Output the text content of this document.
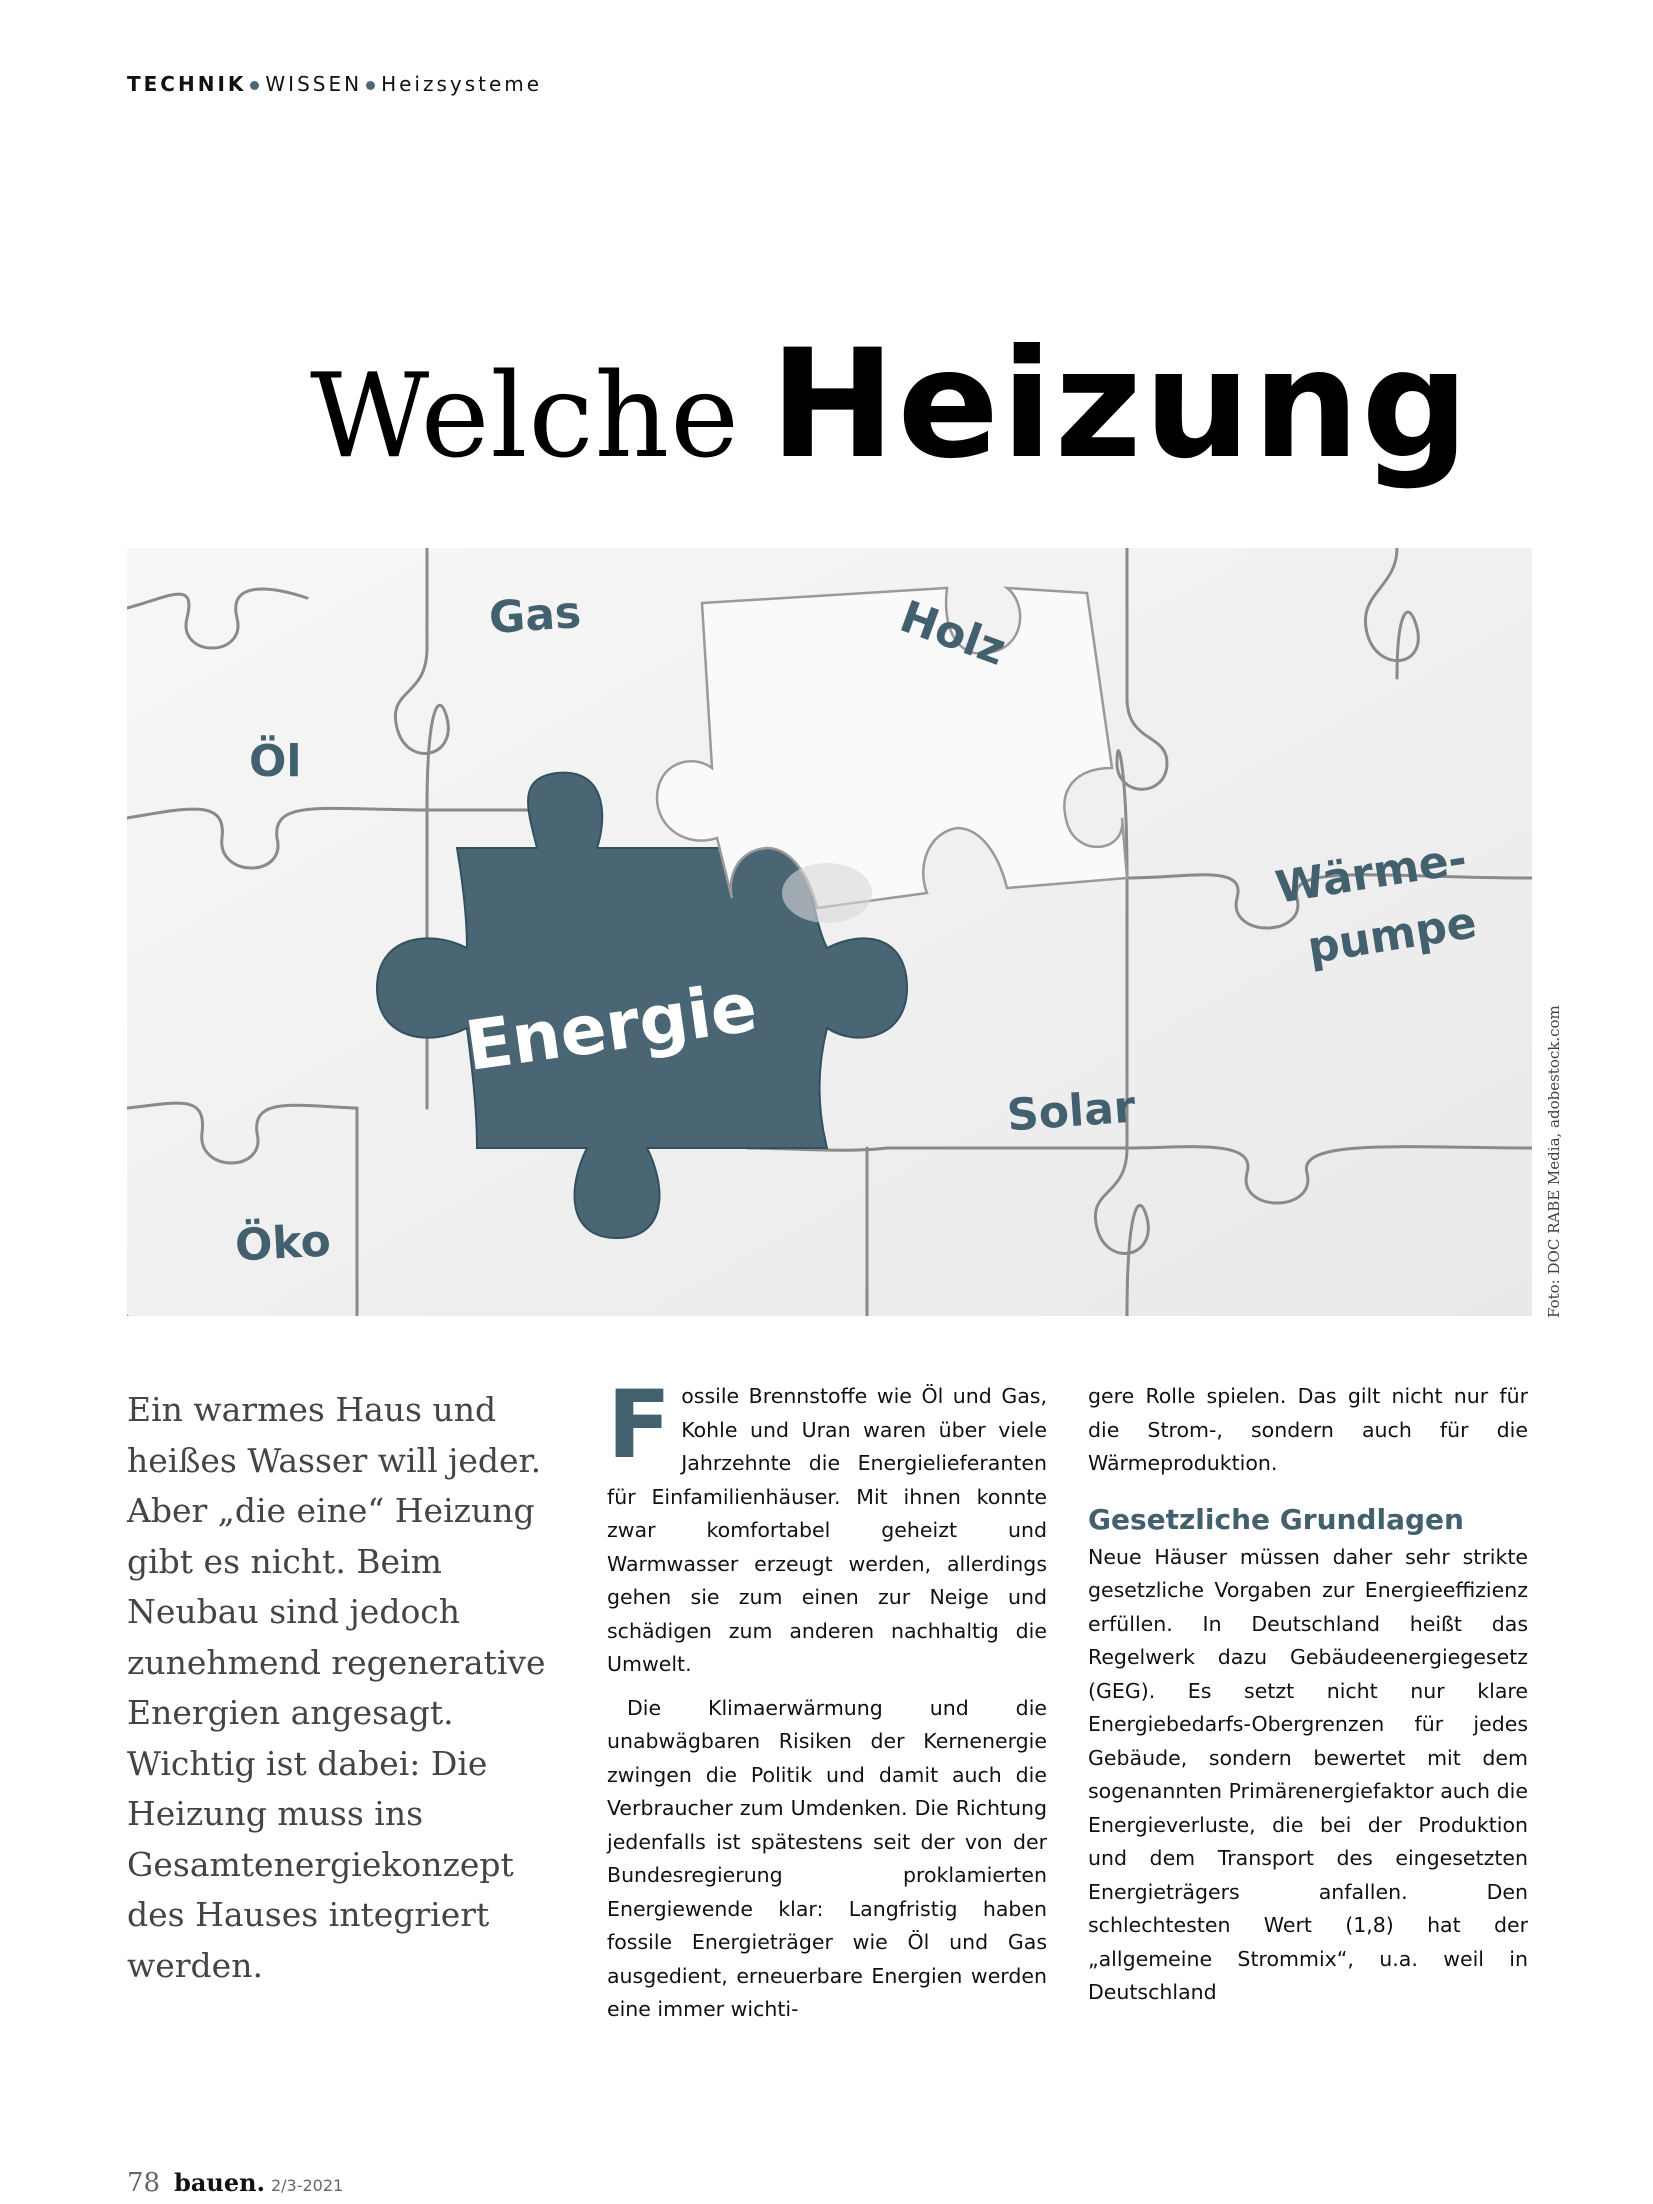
TECHNIK WISSEN Heizsysteme
Welche Heizung
Gas	Holz
Öl
Wärme-
pumpe
Energie
Solar
Öko	Foto: DOC RABE Media, adobestock.com
Ein warmes Haus und heißes Wasser will jeder. Aber „die eine“ Heizung gibt es nicht. Beim Neubau sind jedoch zunehmend regenerative Energien angesagt. Wichtig ist dabei: Die Heizung muss ins Gesamtenergiekonzept des Hauses integriert werden.

Fossile Brennstoffe wie Öl und Gas, Kohle und Uran waren über viele Jahrzehnte die Energielieferanten für Einfamilienhäuser. Mit ihnen konnte zwar komfortabel geheizt und Warmwasser erzeugt werden, allerdings gehen sie zum einen zur Neige und schädigen zum anderen nachhaltig die Umwelt.

Die Klimaerwärmung und die unabwägbaren Risiken der Kernenergie zwingen die Politik und damit auch die Verbraucher zum Umdenken. Die Richtung jedenfalls ist spätestens seit der von der Bundesregierung proklamierten Energiewende klar: Langfristig haben fossile Energieträger wie Öl und Gas ausgedient, erneuerbare Energien werden eine immer wichti-

gere Rolle spielen. Das gilt nicht nur für die Strom-, sondern auch für die Wärmeproduktion.

Gesetzliche Grundlagen

Neue Häuser müssen daher sehr strikte gesetzliche Vorgaben zur Energieeffizienz erfüllen. In Deutschland heißt das Regelwerk dazu Gebäudeenergiegesetz (GEG). Es setzt nicht nur klare Energiebedarfs-Obergrenzen für jedes Gebäude, sondern bewertet mit dem sogenannten Primärenergiefaktor auch die Energieverluste, die bei der Produktion und dem Transport des eingesetzten Energieträgers anfallen. Den schlechtesten Wert (1,8) hat der „allgemeine Strommix“, u.a. weil in Deutschland

78 bauen. 2/3-2021
